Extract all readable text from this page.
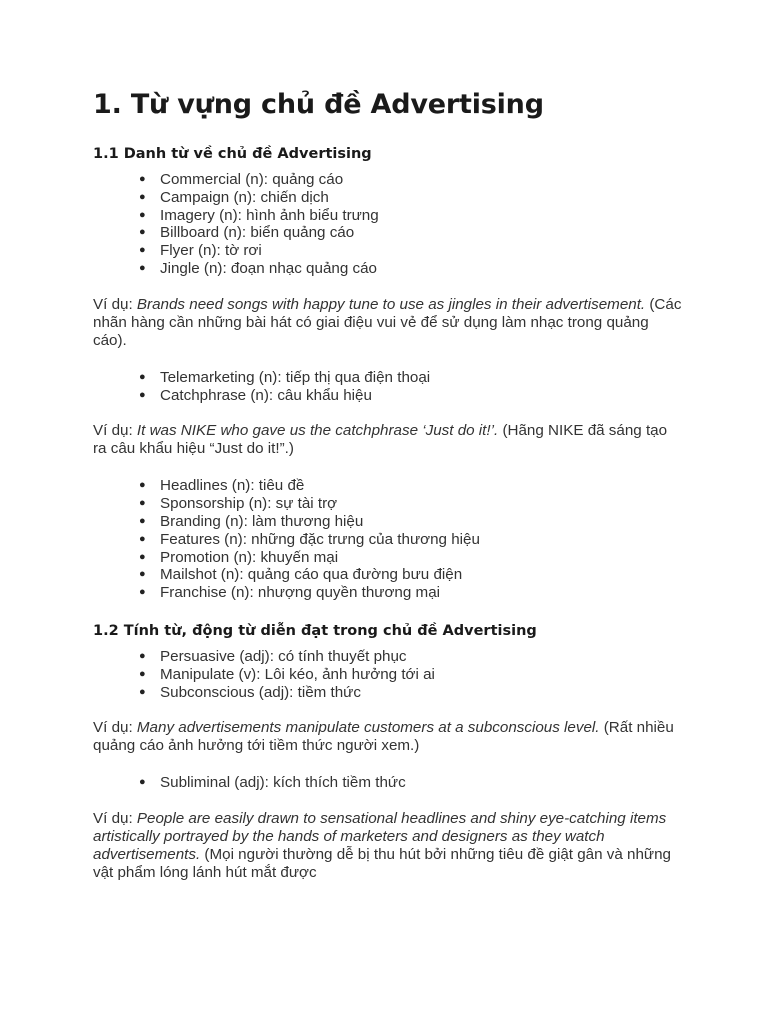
1. Từ vựng chủ đề Advertising
1.1 Danh từ về chủ đề Advertising
● Commercial (n): quảng cáo
● Campaign (n): chiến dịch
● Imagery (n): hình ảnh biểu trưng
● Billboard (n): biển quảng cáo
● Flyer (n): tờ rơi
● Jingle (n): đoạn nhạc quảng cáo

Ví dụ: Brands need songs with happy tune to use as jingles in their advertisement. (Các nhãn hàng cần những bài hát có giai điệu vui vẻ để sử dụng làm nhạc trong quảng cáo).

● Telemarketing (n): tiếp thị qua điện thoại
● Catchphrase (n): câu khẩu hiệu

Ví dụ: It was NIKE who gave us the catchphrase ‘Just do it!’. (Hãng NIKE đã sáng tạo ra câu khẩu hiệu “Just do it!”.)

● Headlines (n): tiêu đề
● Sponsorship (n): sự tài trợ
● Branding (n): làm thương hiệu
● Features (n): những đặc trưng của thương hiệu
● Promotion (n): khuyến mại
● Mailshot (n): quảng cáo qua đường bưu điện
● Franchise (n): nhượng quyền thương mại
1.2 Tính từ, động từ diễn đạt trong chủ đề Advertising
● Persuasive (adj): có tính thuyết phục
● Manipulate (v): Lôi kéo, ảnh hưởng tới ai
● Subconscious (adj): tiềm thức

Ví dụ: Many advertisements manipulate customers at a subconscious level. (Rất nhiều quảng cáo ảnh hưởng tới tiềm thức người xem.)

● Subliminal (adj): kích thích tiềm thức

Ví dụ: People are easily drawn to sensational headlines and shiny eye-catching items artistically portrayed by the hands of marketers and designers as they watch advertisements. (Mọi người thường dễ bị thu hút bởi những tiêu đề giật gân và những vật phẩm lóng lánh hút mắt được
